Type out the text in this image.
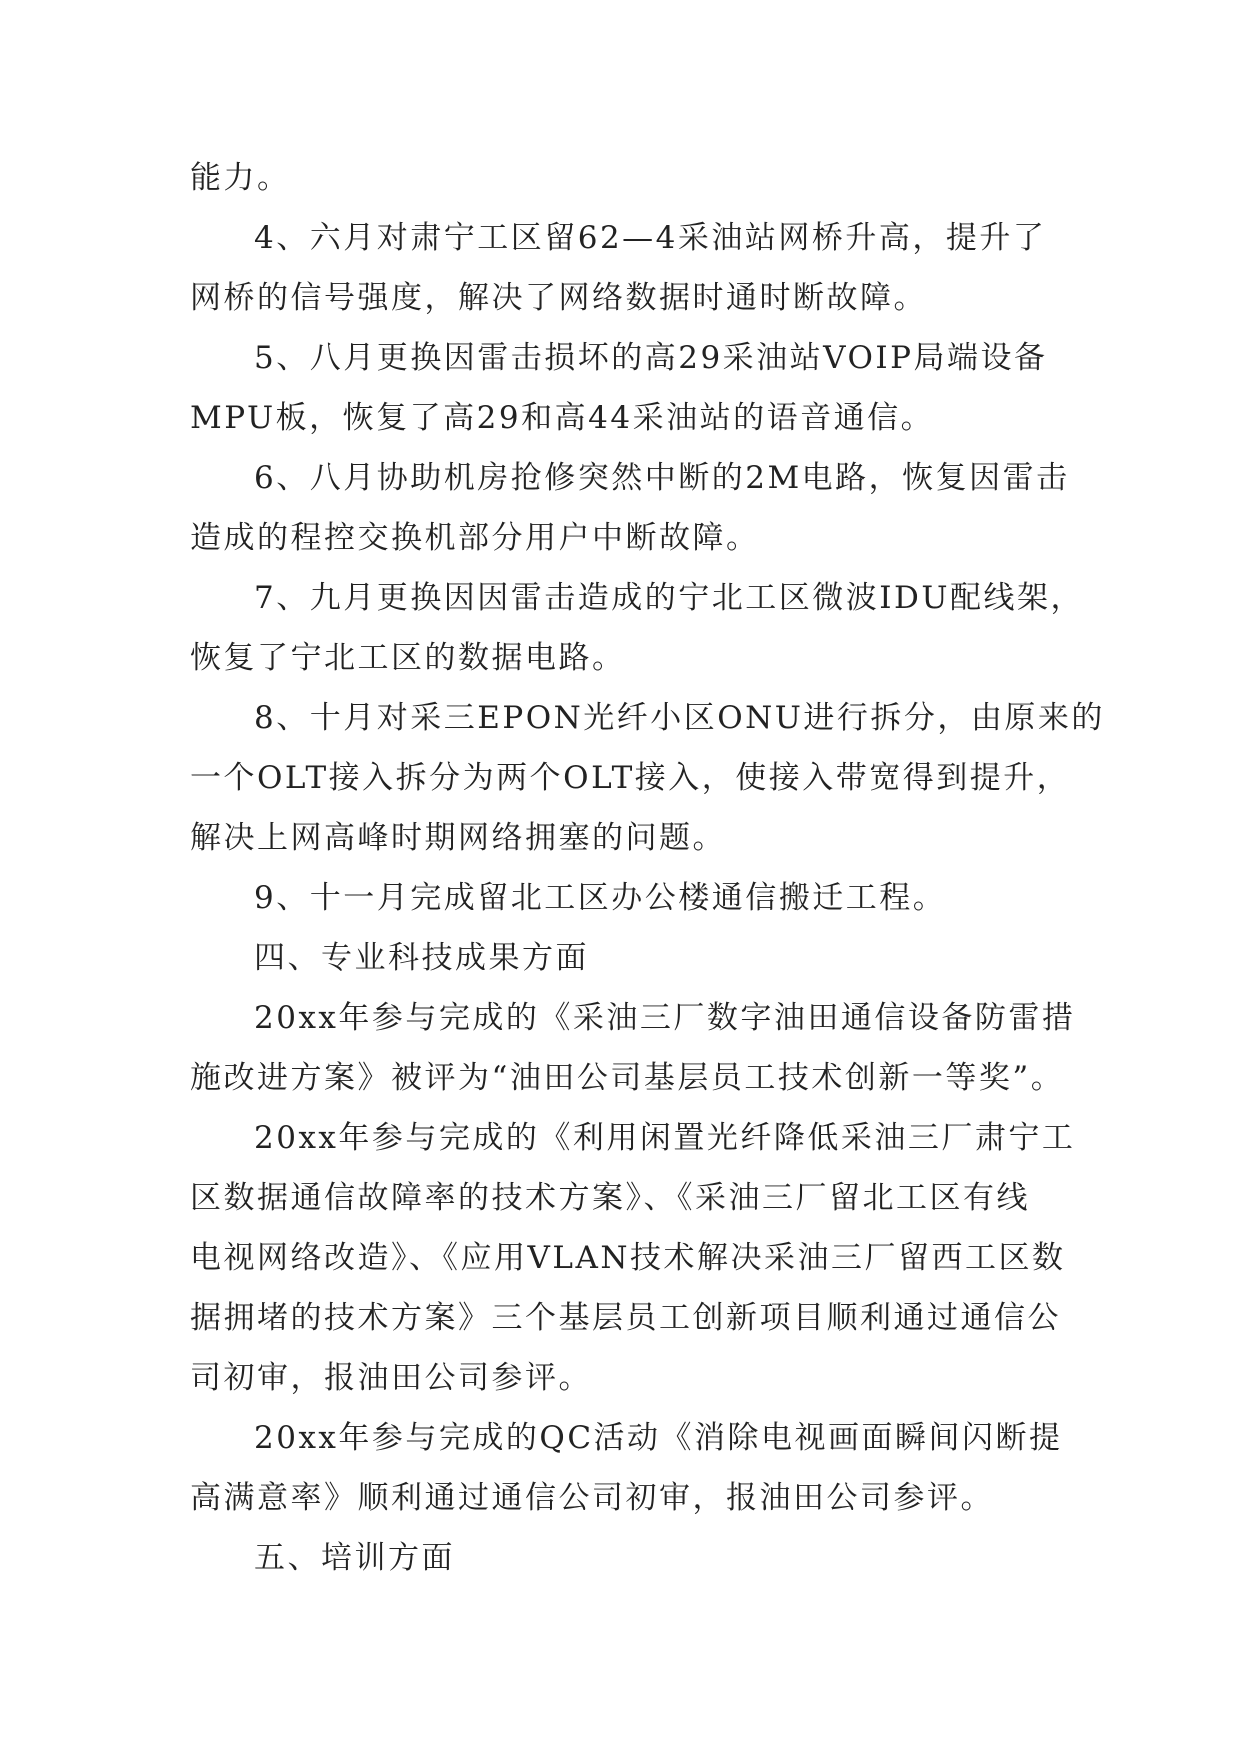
能力。

4、六月对肃宁工区留62—4采油站网桥升高，提升了

网桥的信号强度，解决了网络数据时通时断故障。

5、八月更换因雷击损坏的高29采油站VOIP局端设备

MPU板，恢复了高29和高44采油站的语音通信。

6、八月协助机房抢修突然中断的2M电路，恢复因雷击

造成的程控交换机部分用户中断故障。

7、九月更换因因雷击造成的宁北工区微波IDU配线架，

恢复了宁北工区的数据电路。

8、十月对采三EPON光纤小区ONU进行拆分，由原来的

一个OLT接入拆分为两个OLT接入，使接入带宽得到提升，

解决上网高峰时期网络拥塞的问题。

9、十一月完成留北工区办公楼通信搬迁工程。

四、专业科技成果方面

20xx年参与完成的《采油三厂数字油田通信设备防雷措

施改进方案》被评为“油田公司基层员工技术创新一等奖”。

20xx年参与完成的《利用闲置光纤降低采油三厂肃宁工

区数据通信故障率的技术方案》、《采油三厂留北工区有线

电视网络改造》、《应用VLAN技术解决采油三厂留西工区数

据拥堵的技术方案》三个基层员工创新项目顺利通过通信公

司初审，报油田公司参评。

20xx年参与完成的QC活动《消除电视画面瞬间闪断提

高满意率》顺利通过通信公司初审，报油田公司参评。

五、培训方面
